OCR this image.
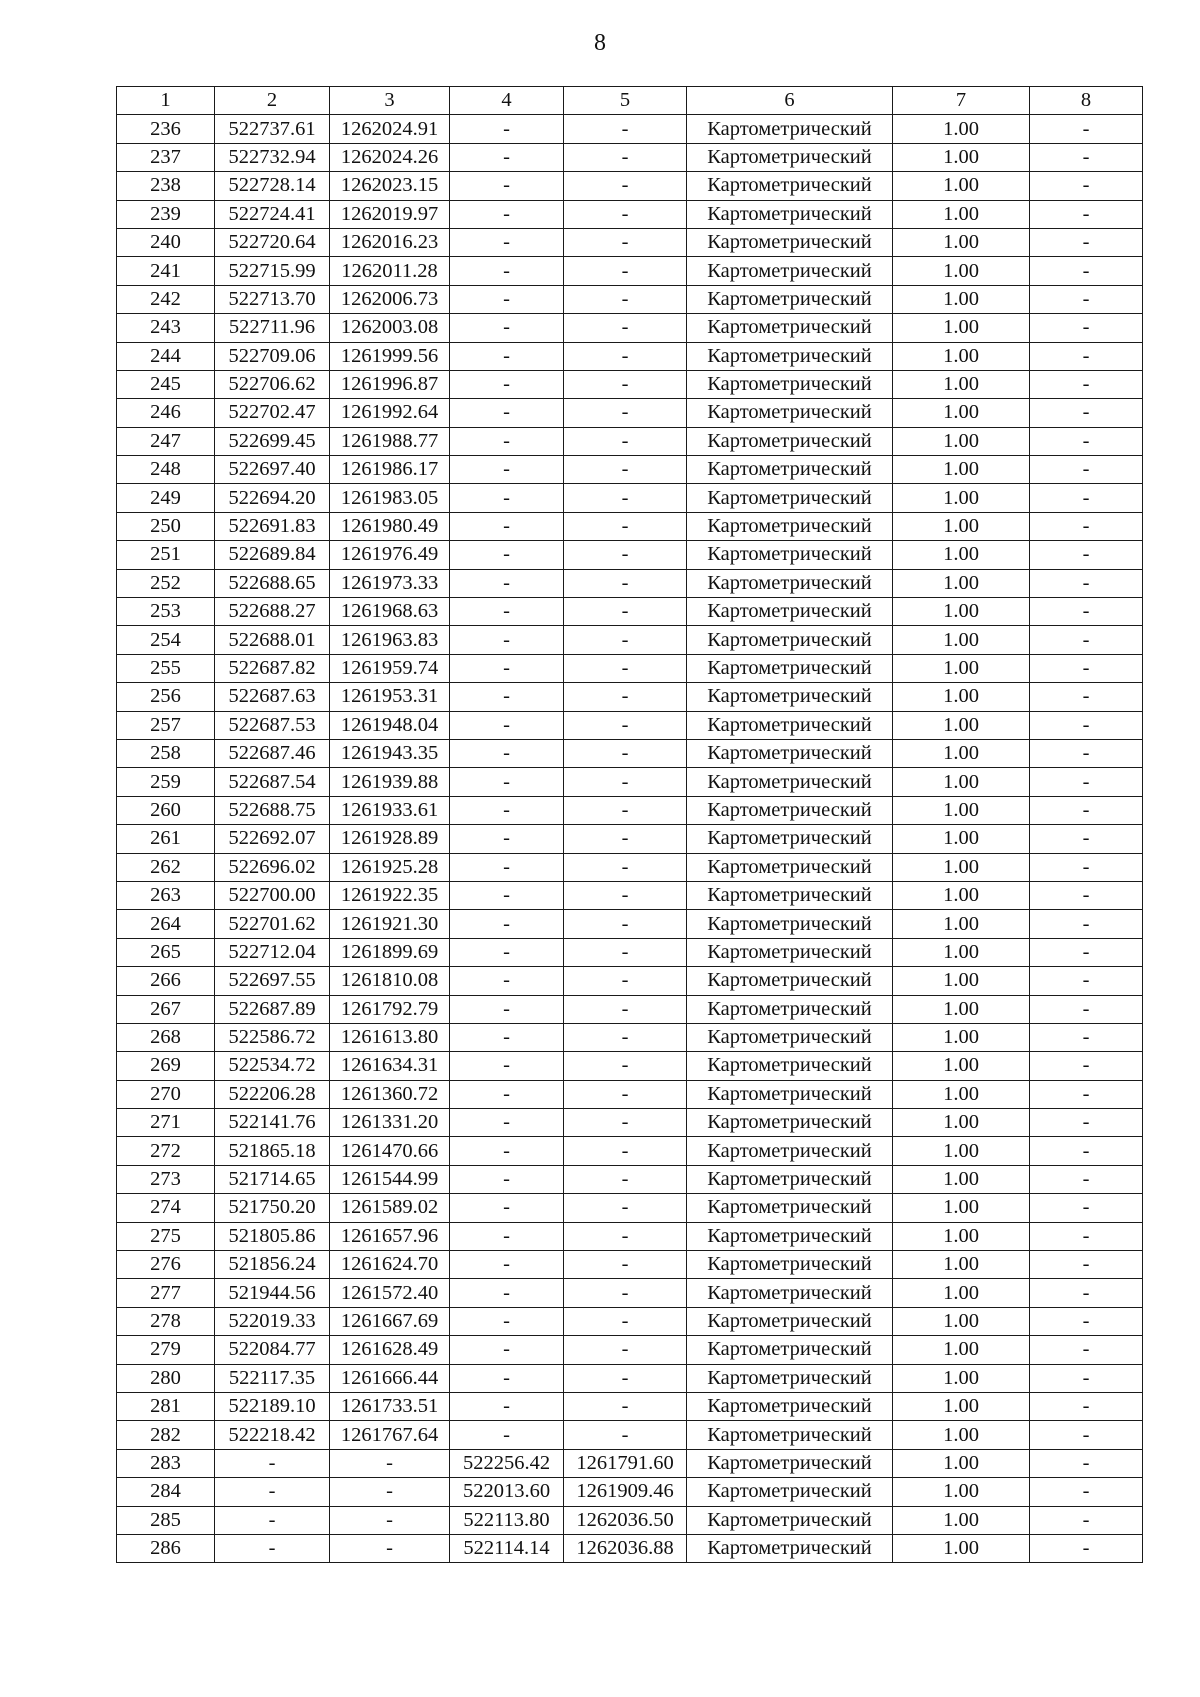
8
1	2	3	4	5	6	7	8
236	522737.61	1262024.91	-	-	Картометрический	1.00	-
237	522732.94	1262024.26	-	-	Картометрический	1.00	-
238	522728.14	1262023.15	-	-	Картометрический	1.00	-
239	522724.41	1262019.97	-	-	Картометрический	1.00	-
240	522720.64	1262016.23	-	-	Картометрический	1.00	-
241	522715.99	1262011.28	-	-	Картометрический	1.00	-
242	522713.70	1262006.73	-	-	Картометрический	1.00	-
243	522711.96	1262003.08	-	-	Картометрический	1.00	-
244	522709.06	1261999.56	-	-	Картометрический	1.00	-
245	522706.62	1261996.87	-	-	Картометрический	1.00	-
246	522702.47	1261992.64	-	-	Картометрический	1.00	-
247	522699.45	1261988.77	-	-	Картометрический	1.00	-
248	522697.40	1261986.17	-	-	Картометрический	1.00	-
249	522694.20	1261983.05	-	-	Картометрический	1.00	-
250	522691.83	1261980.49	-	-	Картометрический	1.00	-
251	522689.84	1261976.49	-	-	Картометрический	1.00	-
252	522688.65	1261973.33	-	-	Картометрический	1.00	-
253	522688.27	1261968.63	-	-	Картометрический	1.00	-
254	522688.01	1261963.83	-	-	Картометрический	1.00	-
255	522687.82	1261959.74	-	-	Картометрический	1.00	-
256	522687.63	1261953.31	-	-	Картометрический	1.00	-
257	522687.53	1261948.04	-	-	Картометрический	1.00	-
258	522687.46	1261943.35	-	-	Картометрический	1.00	-
259	522687.54	1261939.88	-	-	Картометрический	1.00	-
260	522688.75	1261933.61	-	-	Картометрический	1.00	-
261	522692.07	1261928.89	-	-	Картометрический	1.00	-
262	522696.02	1261925.28	-	-	Картометрический	1.00	-
263	522700.00	1261922.35	-	-	Картометрический	1.00	-
264	522701.62	1261921.30	-	-	Картометрический	1.00	-
265	522712.04	1261899.69	-	-	Картометрический	1.00	-
266	522697.55	1261810.08	-	-	Картометрический	1.00	-
267	522687.89	1261792.79	-	-	Картометрический	1.00	-
268	522586.72	1261613.80	-	-	Картометрический	1.00	-
269	522534.72	1261634.31	-	-	Картометрический	1.00	-
270	522206.28	1261360.72	-	-	Картометрический	1.00	-
271	522141.76	1261331.20	-	-	Картометрический	1.00	-
272	521865.18	1261470.66	-	-	Картометрический	1.00	-
273	521714.65	1261544.99	-	-	Картометрический	1.00	-
274	521750.20	1261589.02	-	-	Картометрический	1.00	-
275	521805.86	1261657.96	-	-	Картометрический	1.00	-
276	521856.24	1261624.70	-	-	Картометрический	1.00	-
277	521944.56	1261572.40	-	-	Картометрический	1.00	-
278	522019.33	1261667.69	-	-	Картометрический	1.00	-
279	522084.77	1261628.49	-	-	Картометрический	1.00	-
280	522117.35	1261666.44	-	-	Картометрический	1.00	-
281	522189.10	1261733.51	-	-	Картометрический	1.00	-
282	522218.42	1261767.64	-	-	Картометрический	1.00	-
283	-	-	522256.42	1261791.60	Картометрический	1.00	-
284	-	-	522013.60	1261909.46	Картометрический	1.00	-
285	-	-	522113.80	1262036.50	Картометрический	1.00	-
286	-	-	522114.14	1262036.88	Картометрический	1.00	-
